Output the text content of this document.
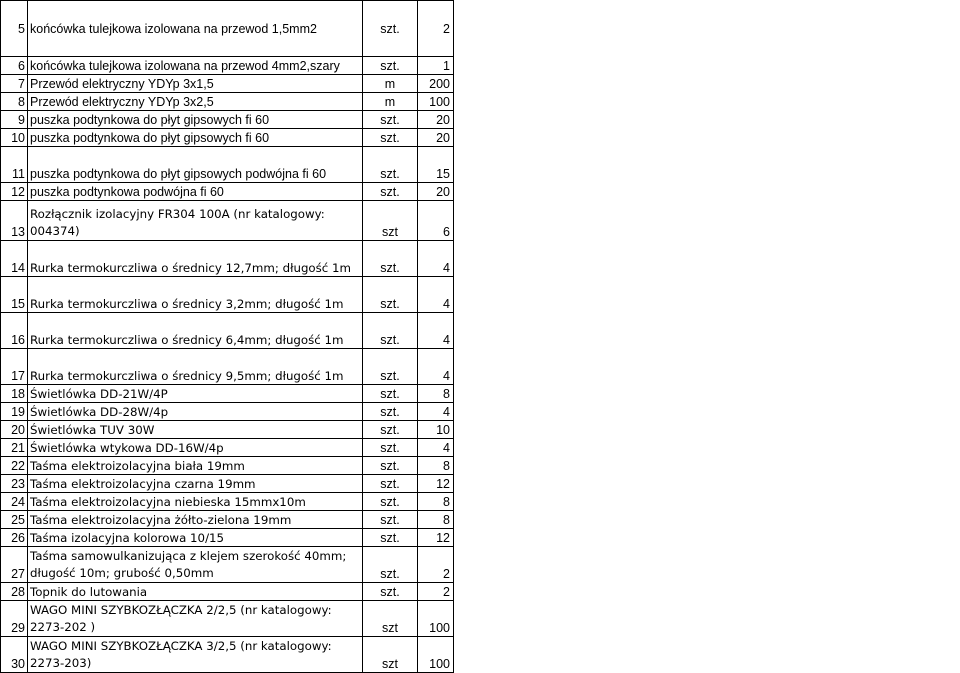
5	końcówka tulejkowa izolowana na przewod 1,5mm2	szt.	2
6	końcówka tulejkowa izolowana na przewod 4mm2,szary	szt.	1
7	Przewód elektryczny YDYp 3x1,5	m	200
8	Przewód elektryczny YDYp 3x2,5	m	100
9	puszka podtynkowa do płyt gipsowych fi 60	szt.	20
10	puszka podtynkowa do płyt gipsowych fi 60	szt.	20
11	puszka podtynkowa do płyt gipsowych podwójna fi 60	szt.	15
12	puszka podtynkowa podwójna fi 60	szt.	20
13	Rozłącznik izolacyjny FR304 100A (nr katalogowy: 004374)	szt	6
14	Rurka termokurczliwa o średnicy 12,7mm; długość 1m	szt.	4
15	Rurka termokurczliwa o średnicy 3,2mm; długość 1m	szt.	4
16	Rurka termokurczliwa o średnicy 6,4mm; długość 1m	szt.	4
17	Rurka termokurczliwa o średnicy 9,5mm; długość 1m	szt.	4
18	Świetlówka DD-21W/4P	szt.	8
19	Świetlówka DD-28W/4p	szt.	4
20	Świetlówka TUV 30W	szt.	10
21	Świetlówka wtykowa DD-16W/4p	szt.	4
22	Taśma elektroizolacyjna biała 19mm	szt.	8
23	Taśma elektroizolacyjna czarna 19mm	szt.	12
24	Taśma elektroizolacyjna niebieska 15mmx10m	szt.	8
25	Taśma elektroizolacyjna żółto-zielona 19mm	szt.	8
26	Taśma izolacyjna kolorowa 10/15	szt.	12
27	Taśma samowulkanizująca z klejem szerokość 40mm; długość 10m; grubość 0,50mm	szt.	2
28	Topnik do lutowania	szt.	2
29	WAGO MINI SZYBKOZŁĄCZKA 2/2,5 (nr katalogowy: 2273-202 )	szt	100
30	WAGO MINI SZYBKOZŁĄCZKA 3/2,5 (nr katalogowy: 2273-203)	szt	100
